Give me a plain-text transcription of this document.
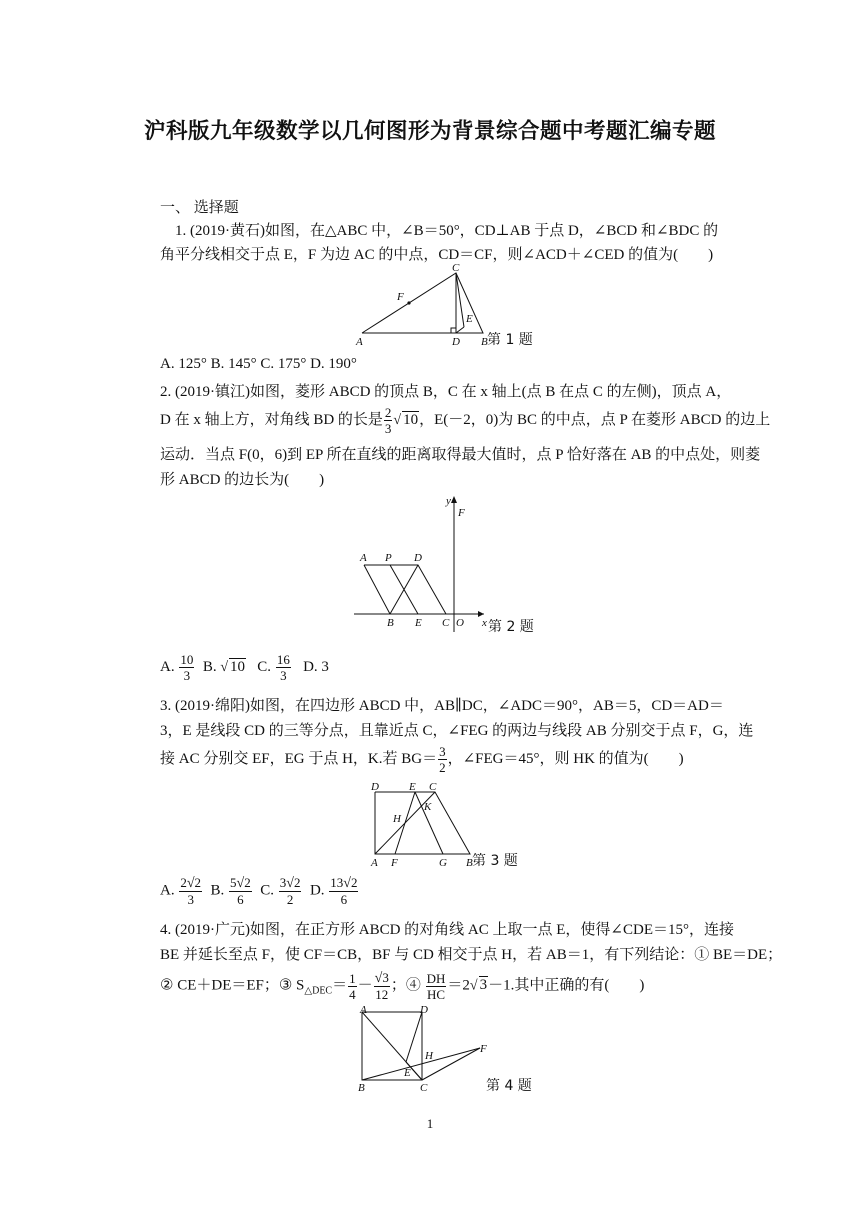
沪科版九年级数学以几何图形为背景综合题中考题汇编专题
一、 选择题
1. (2019·黄石)如图，在△ABC 中，∠B＝50°，CD⊥AB 于点 D，∠BCD 和∠BDC 的
角平分线相交于点 E，F 为边 AC 的中点，CD＝CF，则∠ACD＋∠CED 的值为(　　)
C
F
E
A	D B 第 1 题
A. 125° B. 145° C. 175° D. 190°
2. (2019·镇江)如图，菱形 ABCD 的顶点 B，C 在 x 轴上(点 B 在点 C 的左侧)，顶点 A，
D 在 x 轴上方，对角线 BD 的长是 $\frac{2}{3}$ √ 10，E(－2，0)为 BC 的中点，点 P 在菱形 ABCD 的边上
运动．当点 F(0，6)到 EP 所在直线的距离取得最大值时，点 P 恰好落在 AB 的中点处，则菱
形 ABCD 的边长为(　　)
y
F
A P D
B E C O x 第 2 题
A. $\frac{10}{3} B$. √ 10 C. $\frac{16}{3} D$. 3
3. (2019·绵阳)如图，在四边形 ABCD 中，AB∥DC，∠ADC＝90°，AB＝5，CD＝AD＝
3，E 是线段 CD 的三等分点，且靠近点 C，∠FEG 的两边与线段 AB 分别交于点 F，G，连
接 AC 分别交 EF，EG 于点 H，K.若 $BG= \frac{3}{2}$ ，∠FEG＝45°，则 HK 的值为(　　)
D	E C
K
H
A F	G B 第 3 题
A. $\frac{2√2}{3} B$. $\frac{5√2}{6} C$. $\frac{3√2}{2} D$. $\frac{13√2}{6}$
4. (2019·广元)如图，在正方形 ABCD 的对角线 AC 上取一点 E，使得∠CDE＝15°，连接
BE 并延长至点 F，使 CF＝CB，BF 与 CD 相交于点 H，若 AB＝1，有下列结论：① BE＝DE；
② CE＋DE＝EF；③ $S_{\triangle DEC}= \frac{1}{4} - \frac{√3}{12}$ ；④ $\frac{DH}{HC} =2√$ 3－1.其中正确的有(　　)
A	D
F
H
E
B	C	第 4 题
1
